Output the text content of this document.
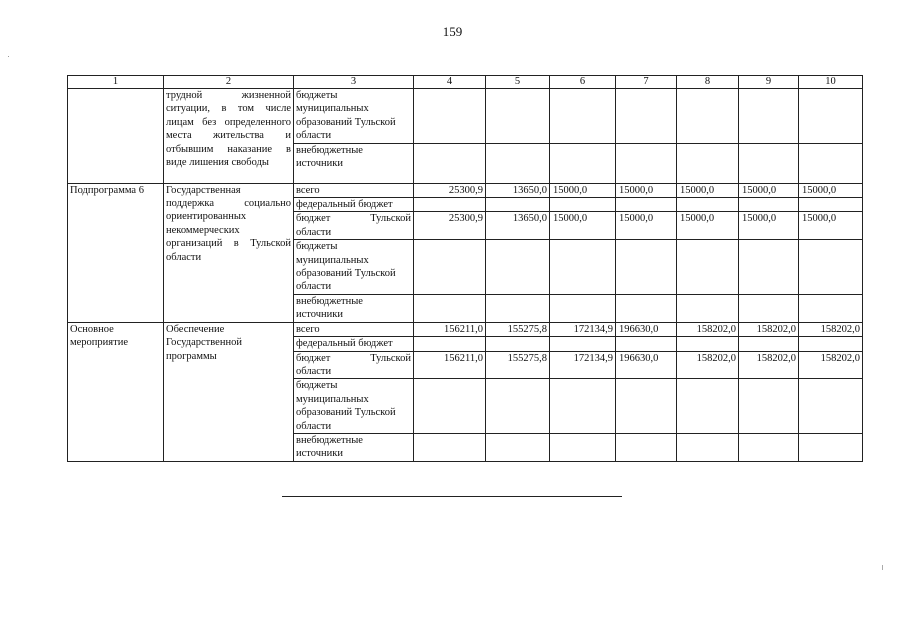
159
1	2	3	4	5	6	7	8	9	10
	трудной жизненной ситуации, в том числе лицам без определенного места жительства и отбывшим наказание в виде лишения свободы	бюджеты муниципальных образований Тульской области							
		внебюджетные источники							
Подпрограмма 6	Государственная поддержка социально ориентированных некоммерческих организаций в Тульской области	всего	25300,9	13650,0	15000,0	15000,0	15000,0	15000,0	15000,0
		федеральный бюджет							
		бюджет Тульской области	25300,9	13650,0	15000,0	15000,0	15000,0	15000,0	15000,0
		бюджеты муниципальных образований Тульской области							
		внебюджетные источники							
Основное мероприятие	Обеспечение Государственной программы	всего	156211,0	155275,8	172134,9	196630,0	158202,0	158202,0	158202,0
		федеральный бюджет							
		бюджет Тульской области	156211,0	155275,8	172134,9	196630,0	158202,0	158202,0	158202,0
		бюджеты муниципальных образований Тульской области							
		внебюджетные источники							
